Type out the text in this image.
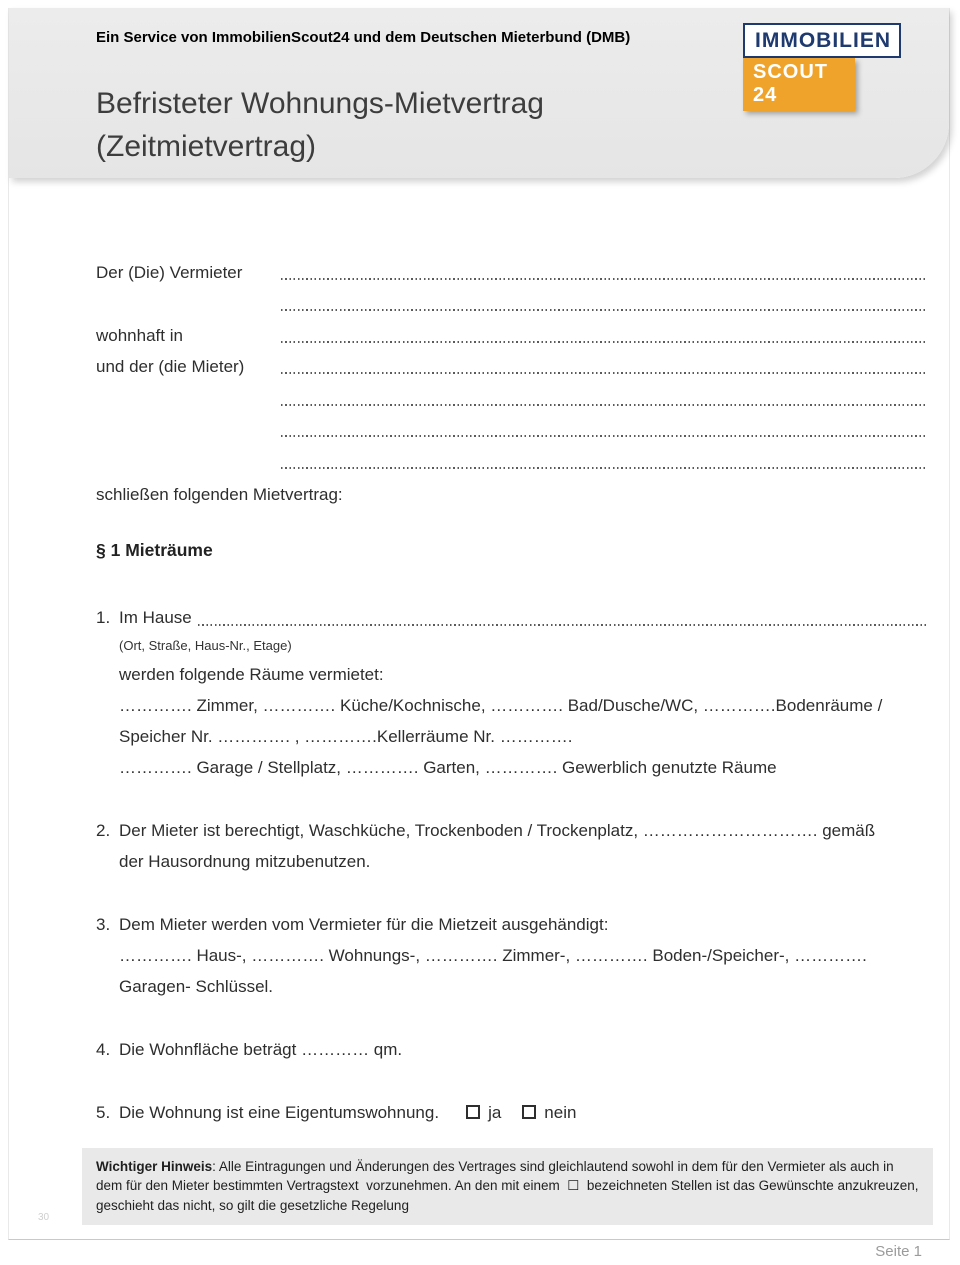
Ein Service von ImmobilienScout24 und dem Deutschen Mieterbund (DMB)	IMMOBILIEN
SCOUT 24
Befristeter Wohnungs-Mietvertrag
(Zeitmietvertrag)
Der (Die) Vermieter
wohnhaft in
und der (die Mieter)
schließen folgenden Mietvertrag:
§ 1 Mieträume
1. Im Hause
(Ort, Straße, Haus-Nr., Etage)
werden folgende Räume vermietet:
…………. Zimmer, …………. Küche/Kochnische, …………. Bad/Dusche/WC, ………….Bodenräume /
Speicher Nr. …………. , ………….Kellerräume Nr. ………….
…………. Garage / Stellplatz, …………. Garten, …………. Gewerblich genutzte Räume
2. Der Mieter ist berechtigt, Waschküche, Trockenboden / Trockenplatz, …………………………. gemäß
der Hausordnung mitzubenutzen.
3. Dem Mieter werden vom Vermieter für die Mietzeit ausgehändigt:
…………. Haus-, …………. Wohnungs-, …………. Zimmer-, …………. Boden-/Speicher-, ………….
Garagen- Schlüssel.
4. Die Wohnfläche beträgt ………… qm.
5. Die Wohnung ist eine Eigentumswohnung.	ja	nein
Wichtiger Hinweis: Alle Eintragungen und Änderungen des Vertrages sind gleichlautend sowohl in dem für den Vermieter als auch in dem für den Mieter bestimmten Vertragstext  vorzunehmen. An den mit einem  ☐  bezeichneten Stellen ist das Gewünschte anzukreuzen, geschieht das nicht, so gilt die gesetzliche Regelung
Seite 1
30
